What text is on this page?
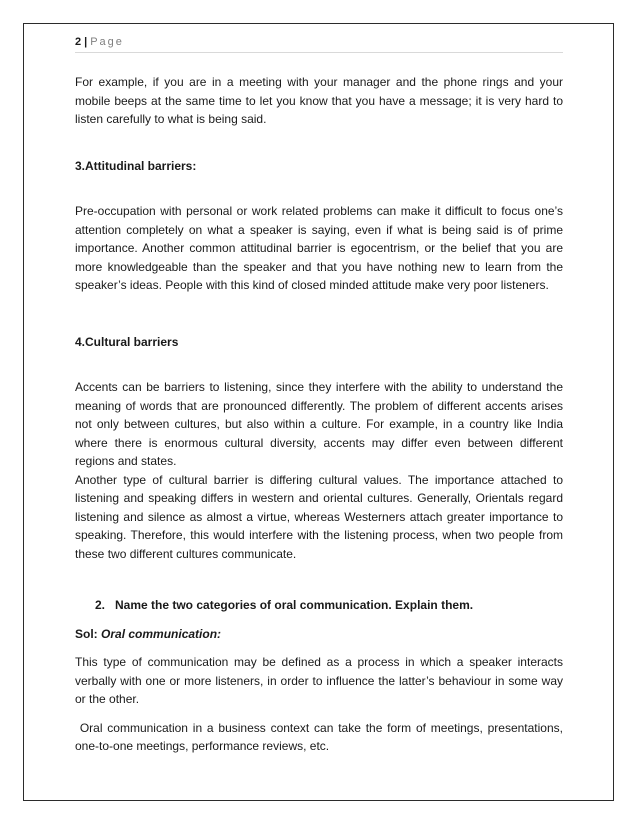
2 | Page

For example, if you are in a meeting with your manager and the phone rings and your mobile beeps at the same time to let you know that you have a message; it is very hard to listen carefully to what is being said.

3.Attitudinal barriers:

Pre-occupation with personal or work related problems can make it difficult to focus one’s attention completely on what a speaker is saying, even if what is being said is of prime importance. Another common attitudinal barrier is egocentrism, or the belief that you are more knowledgeable than the speaker and that you have nothing new to learn from the speaker’s ideas. People with this kind of closed minded attitude make very poor listeners.

4.Cultural barriers

Accents can be barriers to listening, since they interfere with the ability to understand the meaning of words that are pronounced differently. The problem of different accents arises not only between cultures, but also within a culture. For example, in a country like India where there is enormous cultural diversity, accents may differ even between different regions and states.

Another type of cultural barrier is differing cultural values. The importance attached to listening and speaking differs in western and oriental cultures. Generally, Orientals regard listening and silence as almost a virtue, whereas Westerners attach greater importance to speaking. Therefore, this would interfere with the listening process, when two people from these two different cultures communicate.

2. Name the two categories of oral communication. Explain them.

Sol: Oral communication:

This type of communication may be defined as a process in which a speaker interacts verbally with one or more listeners, in order to influence the latter’s behaviour in some way or the other.

Oral communication in a business context can take the form of meetings, presentations, one-to-one meetings, performance reviews, etc.
